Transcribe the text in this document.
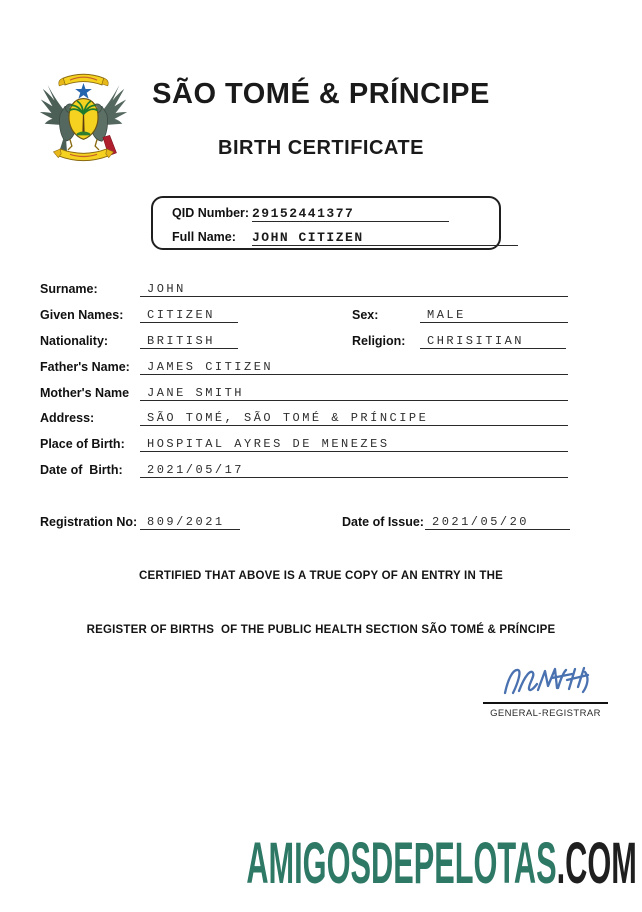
SÃO TOMÉ & PRÍNCIPE
BIRTH CERTIFICATE
QID Number: 29152441377
Full Name: JOHN CITIZEN
Surname:	JOHN
Given Names:	CITIZEN	Sex:	MALE
Nationality:	BRITISH	Religion:	CHRISITIAN
Father's Name:	JAMES CITIZEN
Mother's Name	JANE SMITH
Address:	SÃO TOMÉ, SÃO TOMÉ & PRÍNCIPE
Place of Birth:	HOSPITAL AYRES DE MENEZES
Date of  Birth:	2021/05/17
Registration No: 809/2021	Date of Issue: 2021/05/20
CERTIFIED THAT ABOVE IS A TRUE COPY OF AN ENTRY IN THE
REGISTER OF BIRTHS  OF THE PUBLIC HEALTH SECTION SÃO TOMÉ & PRÍNCIPE
GENERAL-REGISTRAR
AMIGOSDEPELOTAS.COM
